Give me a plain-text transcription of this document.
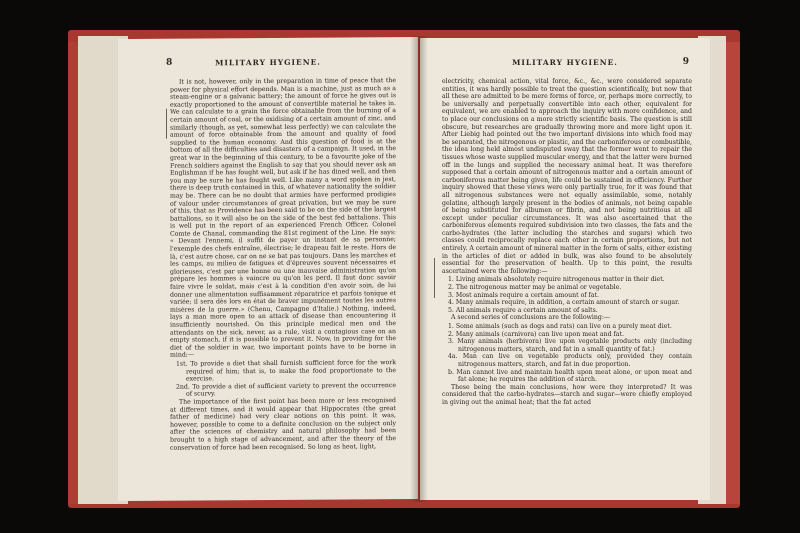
8	MILITARY HYGIENE.

It is not, however, only in the preparation in time of peace that the power for physical effort depends. Man is a machine, just as much as a steam-engine or a galvanic battery; the amount of force he gives out is exactly proportioned to the amount of convertible material he takes in. We can calculate to a grain the force obtainable from the burning of a certain amount of coal, or the oxidising of a certain amount of zinc, and similarly (though, as yet, somewhat less perfectly) we can calculate the amount of force obtainable from the amount and quality of food supplied to the human economy. And this question of food is at the bottom of all the difficulties and disasters of a campaign. It used, in the great war in the beginning of this century, to be a favourite joke of the French soldiers against the English to say that you should never ask an Englishman if he has fought well, but ask if he has dined well, and then you may be sure he has fought well. Like many a word spoken in jest, there is deep truth contained in this, of whatever nationality the soldier may be. There can be no doubt that armies have performed prodigies of valour under circumstances of great privation, but we may be sure of this, that as Providence has been said to be on the side of the largest battalions, so it will also be on the side of the best fed battalions. This is well put in the report of an experienced French Officer, Colonel Comte de Chanal, commanding the 81st regiment of the Line. He says: « Devant l'ennemi, il suffit de payer un instant de sa personne; l'exemple des chefs entraîne, électrise; le drapeau fait le reste. Hors de là, c'est autre chose, car on ne se bat pas toujours. Dans les marches et les camps, au milieu de fatigues et d'épreuves souvent nécessaires et glorieuses, c'est par une bonne ou une mauvaise administration qu'on prépare les hommes à vaincre ou qu'on les perd. Il faut donc savoir faire vivre le soldat, mais c'est à la condition d'en avoir soin, de lui donner une alimentation suffisamment réparatrice et parfois tonique et variée; il sera dès lors en état de braver impunément toutes les autres misères de la guerre.» (Chenu, Campagne d'Italie.) Nothing, indeed, lays a man more open to an attack of disease than encountering it insufficiently nourished. On this principle medical men and the attendants on the sick, never, as a rule, visit a contagious case on an empty stomach, if it is possible to prevent it. Now, in providing for the diet of the soldier in war, two important points have to be borne in mind:—

1st. To provide a diet that shall furnish sufficient force for the work required of him; that is, to make the food proportionate to the exercise.

2nd. To provide a diet of sufficient variety to prevent the occurrence of scurvy.

The importance of the first point has been more or less recognised at different times, and it would appear that Hippocrates (the great father of medicine) had very clear notions on this point. It was, however, possible to come to a definite conclusion on the subject only after the sciences of chemistry and natural philosophy had been brought to a high stage of advancement, and after the theory of the conservation of force had been recognised. So long as heat, light,

MILITARY HYGIENE.	9

electricity, chemical action, vital force, &c., &c., were considered separate entities, it was hardly possible to treat the question scientifically, but now that all these are admitted to be mere forms of force, or, perhaps more correctly, to be universally and perpetually convertible into each other, equivalent for equivalent, we are enabled to approach the inquiry with more confidence, and to place our conclusions on a more strictly scientific basis. The question is still obscure, but researches are gradually throwing more and more light upon it. After Liebig had pointed out the two important divisions into which food may be separated, the nitrogenous or plastic, and the carboniferous or combustible, the idea long held almost undisputed sway that the former went to repair the tissues whose waste supplied muscular energy, and that the latter were burned off in the lungs and supplied the necessary animal heat. It was therefore supposed that a certain amount of nitrogenous matter and a certain amount of carboniferous matter being given, life could be sustained in efficiency. Further inquiry showed that these views were only partially true, for it was found that all nitrogenous substances were not equally assimilable, some, notably gelatine, although largely present in the bodies of animals, not being capable of being substituted for albumen or fibrin, and not being nutritious at all except under peculiar circumstances. It was also ascertained that the carboniferous elements required subdivision into two classes, the fats and the carbo-hydrates (the latter including the starches and sugars) which two classes could reciprocally replace each other in certain proportions, but not entirely. A certain amount of mineral matter in the form of salts, either existing in the articles of diet or added in bulk, was also found to be absolutely essential for the preservation of health. Up to this point, the results ascertained were the following:—

1. Living animals absolutely require nitrogenous matter in their diet.

2. The nitrogenous matter may be animal or vegetable.

3. Most animals require a certain amount of fat.

4. Many animals require, in addition, a certain amount of starch or sugar.

5. All animals require a certain amount of salts.

A second series of conclusions are the following:—

1. Some animals (such as dogs and rats) can live on a purely meat diet.

2. Many animals (carnivora) can live upon meat and fat.

3. Many animals (herbivora) live upon vegetable products only (including nitrogenous matters, starch, and fat in a small quantity of fat.)

4a. Man can live on vegetable products only, provided they contain nitrogenous matters, starch, and fat in due proportion.

b. Man cannot live and maintain health upon meat alone, or upon meat and fat alone; he requires the addition of starch.

These being the main conclusions, how were they interpreted? It was considered that the carbo-hydrates—starch and sugar—were chiefly employed in giving out the animal heat; that the fat acted
